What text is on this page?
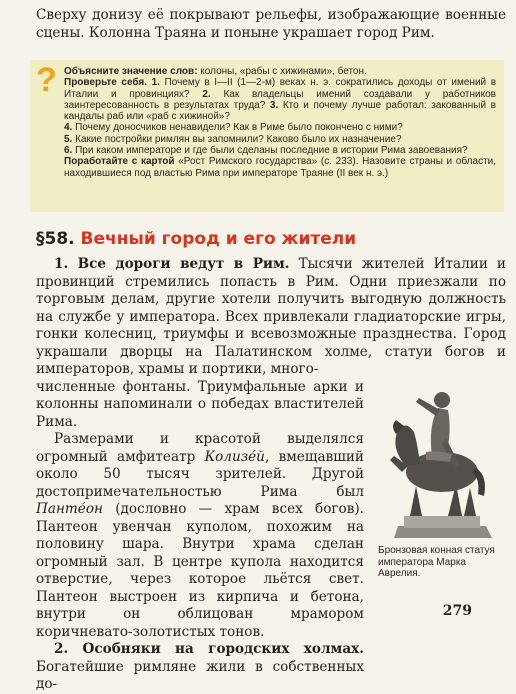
Сверху донизу её покрывают рельефы, изображающие военные сцены. Колонна Траяна и поныне украшает город Рим.

? Объясните значение слов: колоны, «рабы с хижинами», бетон.

Проверьте себя. 1. Почему в I—II (1—2-м) веках н. э. сократились доходы от имений в Италии и провинциях? 2. Как владельцы имений создавали у работников заинтересованность в результатах труда? 3. Кто и почему лучше работал: закованный в кандалы раб или «раб с хижиной»?

4. Почему доносчиков ненавидели? Как в Риме было покончено с ними?

5. Какие постройки римлян вы запомнили? Каково было их назначение?

6. При каком императоре и где были сделаны последние в истории Рима завоевания?

Поработайте с картой «Рост Римского государства» (с. 233). Назовите страны и области, находившиеся под властью Рима при императоре Траяне (II век н. э.)

§58. Вечный город и его жители

1. Все дороги ведут в Рим. Тысячи жителей Италии и провинций стремились попасть в Рим. Одни приезжали по торговым делам, другие хотели получить выгодную должность на службе у императора. Всех привлекали гладиаторские игры, гонки колесниц, триумфы и всевозможные празднества. Город украшали дворцы на Палатинском холме, статуи богов и императоров, храмы и портики, много-

численные фонтаны. Триумфальные арки и колонны напоминали о победах властителей Рима.

Размерами и красотой выделялся огромный амфитеатр Колизе́й, вмещавший около 50 тысяч зрителей. Другой достопримечательностью Рима был Панте́он (дословно — храм всех богов). Пантеон увенчан куполом, похожим на половину шара. Внутри храма сделан огромный зал. В центре купола находится отверстие, через которое льётся свет. Пантеон выстроен из кирпича и бетона, внутри он облицован мрамором коричневато-золотистых тонов.

2. Особняки на городских холмах. Богатейшие римляне жили в собственных до-

Бронзовая конная статуя императора Марка Аврелия.

279
